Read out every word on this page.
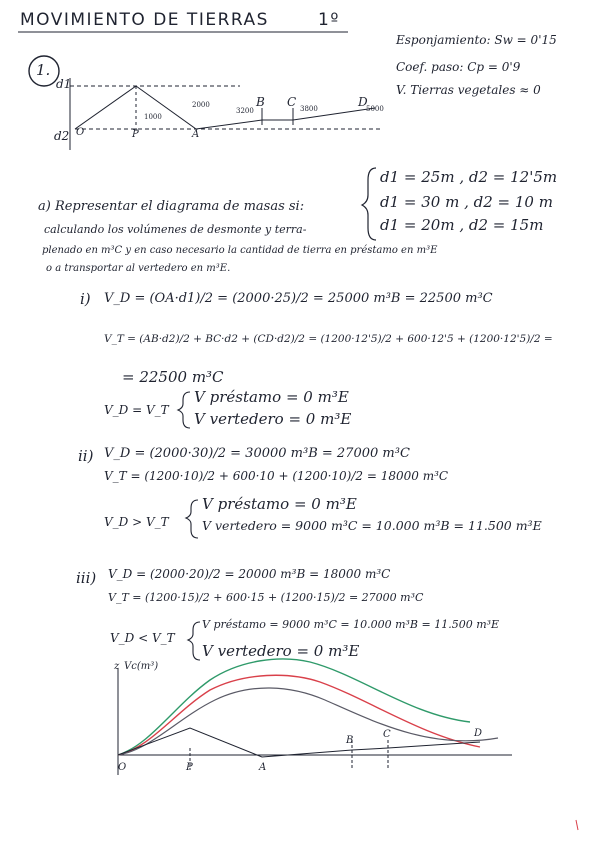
MOVIMIENTO DE TIERRAS	1º
Esponjamiento: Sw = 0'15
Coef. paso: Cp = 0'9
V. Tierras vegetales ≈ 0
1.
d1
d2 O	P	A
B C	D
1000
2000
3200	3800	5000
a) Representar el diagrama de masas si:
calculando los volúmenes de desmonte y terra-
plenado en m³C y en caso necesario la cantidad de tierra en préstamo en m³E
o a transportar al vertedero en m³E.
d1 = 25m , d2 = 12'5m
d1 = 30 m , d2 = 10 m
d1 = 20m , d2 = 15m
i) V_D = (OA·d1)/2 = (2000·25)/2 = 25000 m³B = 22500 m³C
V_T = (AB·d2)/2 + BC·d2 + (CD·d2)/2 = (1200·12'5)/2 + 600·12'5 + (1200·12'5)/2 =
= 22500 m³C
V_D = V_T
V préstamo = 0 m³E
V vertedero = 0 m³E
ii) V_D = (2000·30)/2 = 30000 m³B = 27000 m³C
V_T = (1200·10)/2 + 600·10 + (1200·10)/2 = 18000 m³C
V_D > V_T
V préstamo = 0 m³E
V vertedero = 9000 m³C = 10.000 m³B = 11.500 m³E
iii) V_D = (2000·20)/2 = 20000 m³B = 18000 m³C
V_T = (1200·15)/2 + 600·15 + (1200·15)/2 = 27000 m³C
V_D < V_T
V préstamo = 9000 m³C = 10.000 m³B = 11.500 m³E
V vertedero = 0 m³E
z Vc(m³)
O	P	A
B
C	D
